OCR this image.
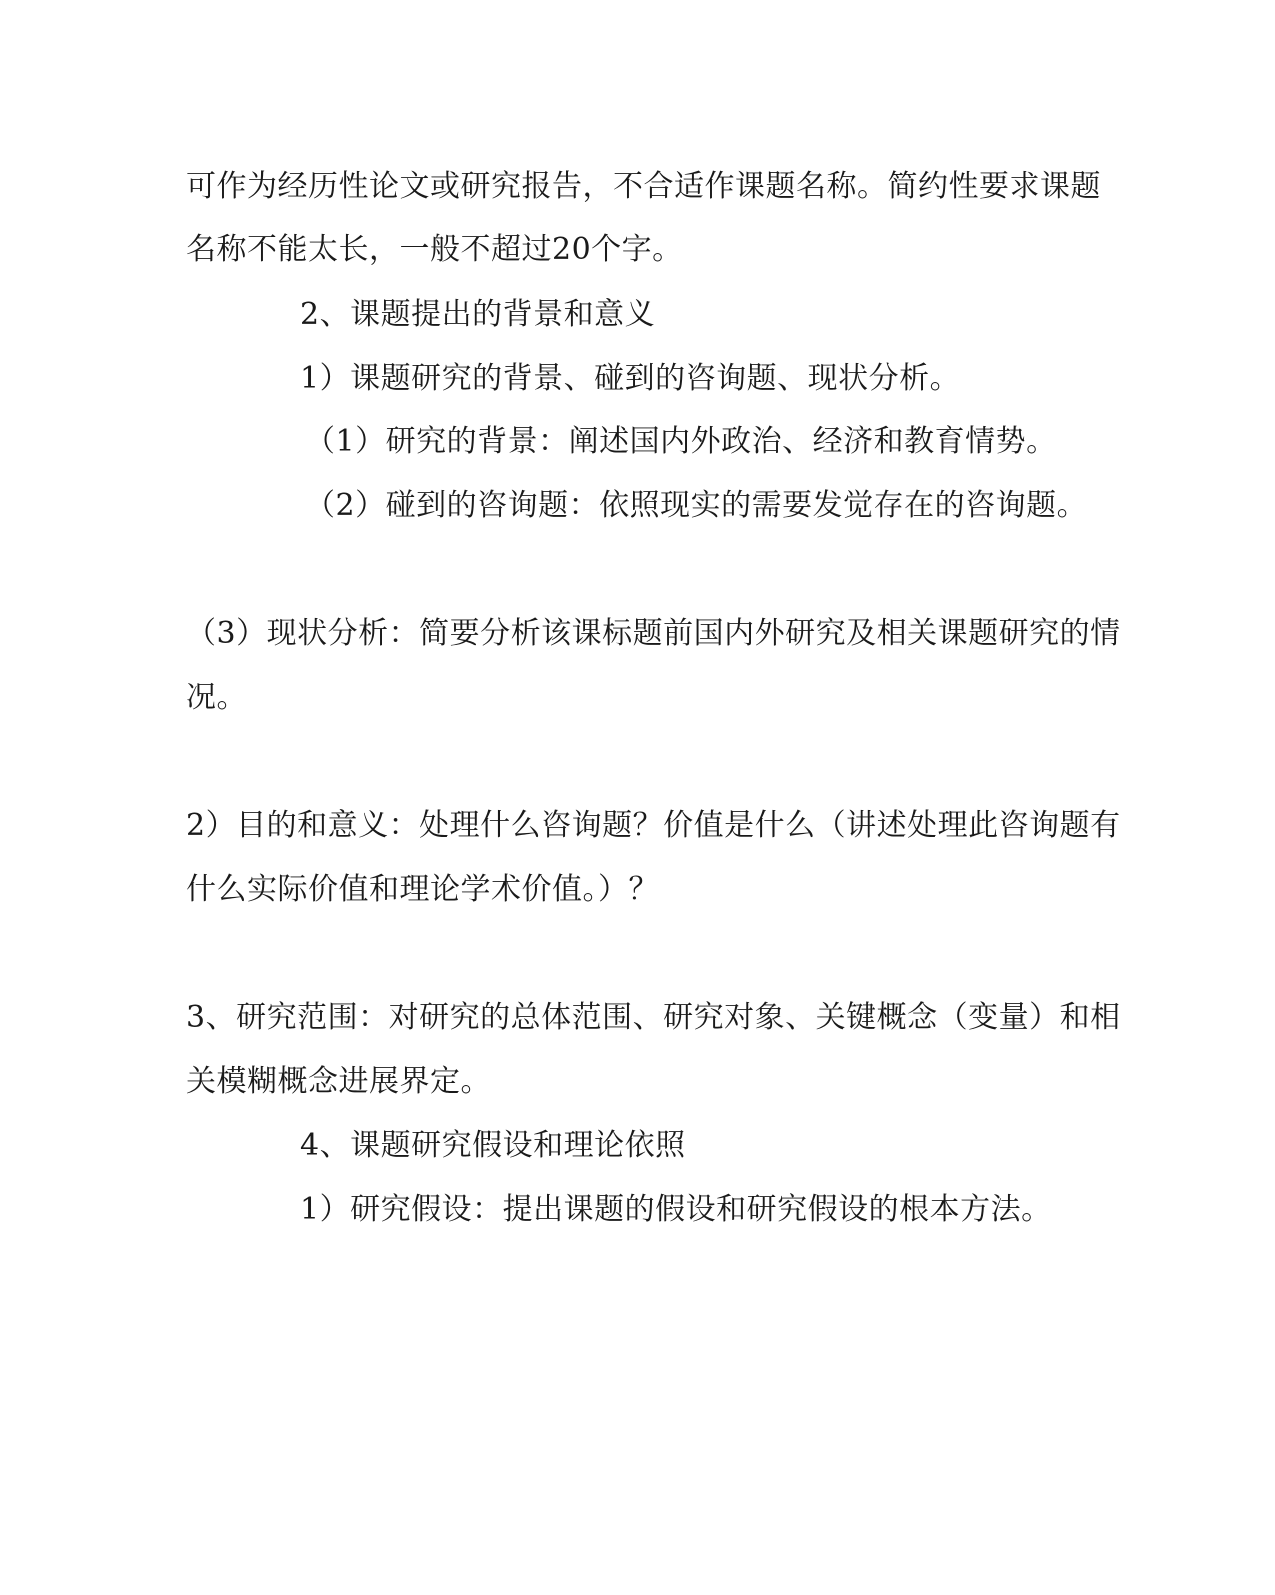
可作为经历性论文或研究报告，不合适作课题名称。简约性要求课题
名称不能太长，一般不超过20个字。
2、课题提出的背景和意义
1）课题研究的背景、碰到的咨询题、现状分析。
（1）研究的背景：阐述国内外政治、经济和教育情势。
（2）碰到的咨询题：依照现实的需要发觉存在的咨询题。
（3）现状分析：简要分析该课标题前国内外研究及相关课题研究的情
况。
2）目的和意义：处理什么咨询题？价值是什么（讲述处理此咨询题有
什么实际价值和理论学术价值。）？
3、研究范围：对研究的总体范围、研究对象、关键概念（变量）和相
关模糊概念进展界定。
4、课题研究假设和理论依照
1）研究假设：提出课题的假设和研究假设的根本方法。
